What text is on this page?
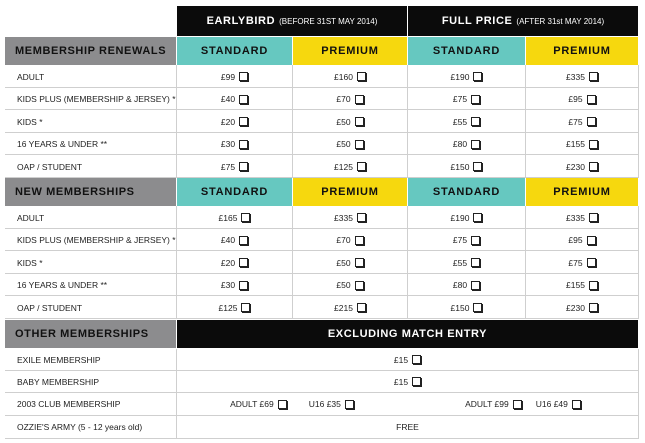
EARLYBIRD (BEFORE 31ST MAY 2014)	FULL PRICE (AFTER 31st MAY 2014)
MEMBERSHIP RENEWALS	STANDARD	PREMIUM	STANDARD	PREMIUM
ADULT	£99	£160	£190	£335
KIDS PLUS (MEMBERSHIP & JERSEY) *	£40	£70	£75	£95
KIDS *	£20	£50	£55	£75
16 YEARS & UNDER **	£30	£50	£80	£155
OAP / STUDENT	£75	£125	£150	£230
NEW MEMBERSHIPS	STANDARD	PREMIUM	STANDARD	PREMIUM
ADULT	£165	£335	£190	£335
KIDS PLUS (MEMBERSHIP & JERSEY) *	£40	£70	£75	£95
KIDS *	£20	£50	£55	£75
16 YEARS & UNDER **	£30	£50	£80	£155
OAP / STUDENT	£125	£215	£150	£230
OTHER MEMBERSHIPS	EXCLUDING MATCH ENTRY
EXILE MEMBERSHIP	£15
BABY MEMBERSHIP	£15
2003 CLUB MEMBERSHIP	ADULT £69	U16 £35	ADULT £99	U16 £49
OZZIE'S ARMY (5 - 12 years old)	FREE
